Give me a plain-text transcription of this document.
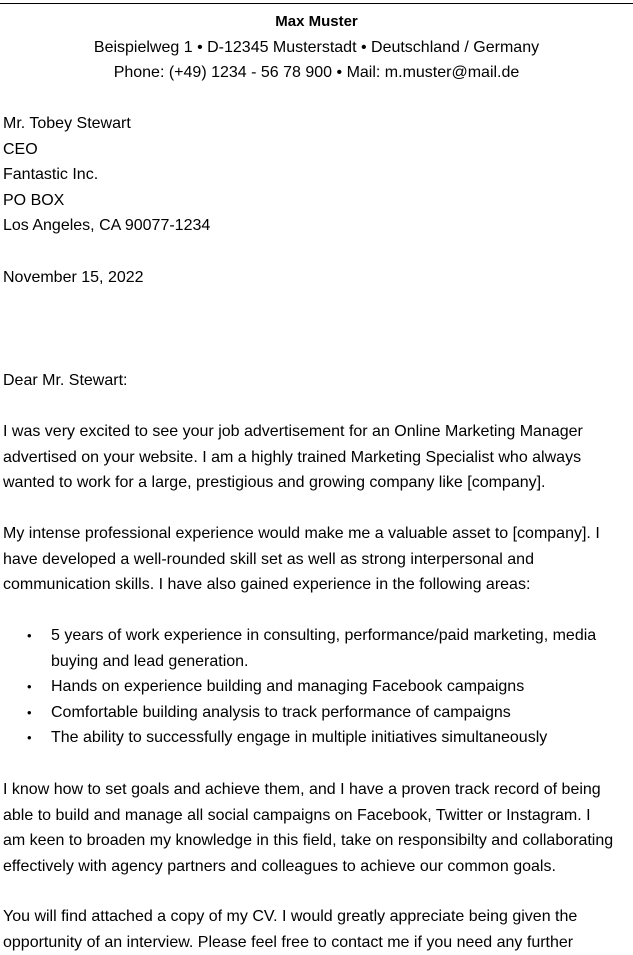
Max Muster
Beispielweg 1 • D-12345 Musterstadt • Deutschland / Germany
Phone: (+49) 1234 - 56 78 900 • Mail: m.muster@mail.de
Mr. Tobey Stewart
CEO
Fantastic Inc.
PO BOX
Los Angeles, CA 90077-1234
November 15, 2022
Dear Mr. Stewart:
I was very excited to see your job advertisement for an Online Marketing Manager
advertised on your website. I am a highly trained Marketing Specialist who always
wanted to work for a large, prestigious and growing company like [company].
My intense professional experience would make me a valuable asset to [company]. I
have developed a well-rounded skill set as well as strong interpersonal and
communication skills. I have also gained experience in the following areas:
• 5 years of work experience in consulting, performance/paid marketing, media
buying and lead generation.
• Hands on experience building and managing Facebook campaigns
• Comfortable building analysis to track performance of campaigns
• The ability to successfully engage in multiple initiatives simultaneously
I know how to set goals and achieve them, and I have a proven track record of being
able to build and manage all social campaigns on Facebook, Twitter or Instagram. I
am keen to broaden my knowledge in this field, take on responsibilty and collaborating
effectively with agency partners and colleagues to achieve our common goals.
You will find attached a copy of my CV. I would greatly appreciate being given the
opportunity of an interview. Please feel free to contact me if you need any further
